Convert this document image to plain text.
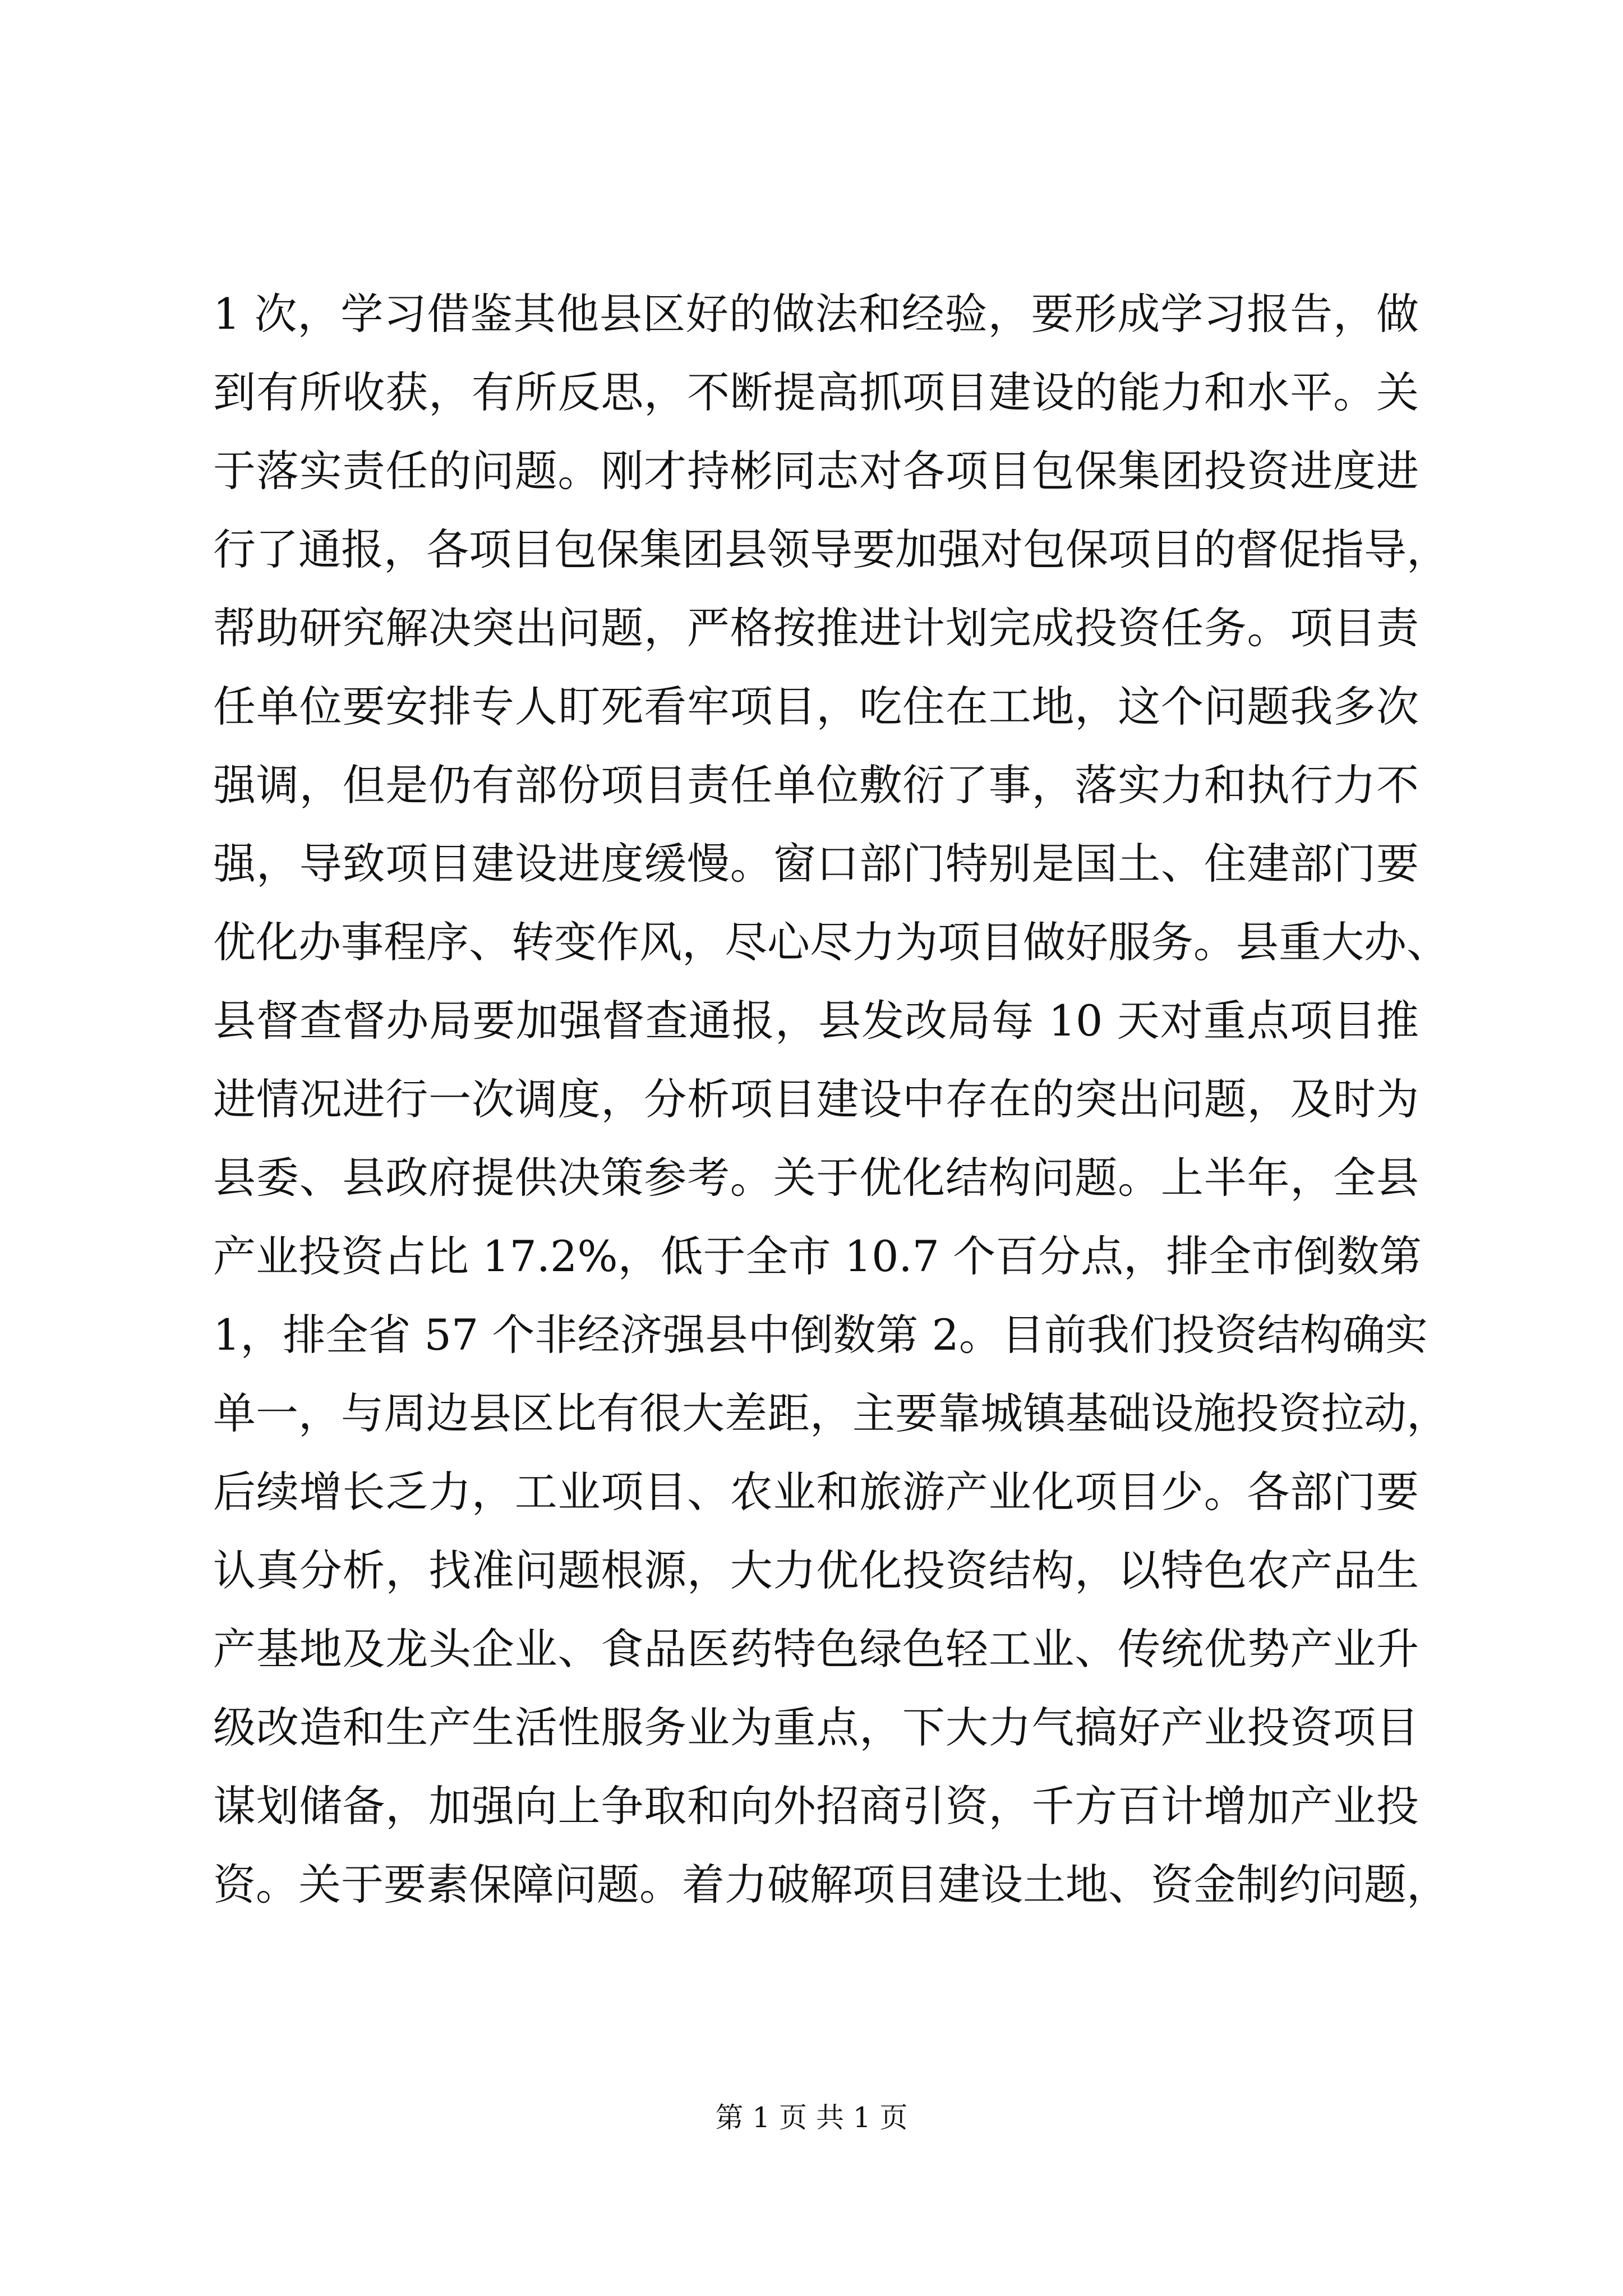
1 次，学习借鉴其他县区好的做法和经验，要形成学习报告，做
到有所收获，有所反思，不断提高抓项目建设的能力和水平。关
于落实责任的问题。刚才持彬同志对各项目包保集团投资进度进
行了通报，各项目包保集团县领导要加强对包保项目的督促指导，
帮助研究解决突出问题，严格按推进计划完成投资任务。项目责
任单位要安排专人盯死看牢项目，吃住在工地，这个问题我多次
强调，但是仍有部份项目责任单位敷衍了事，落实力和执行力不
强，导致项目建设进度缓慢。窗口部门特别是国土、住建部门要
优化办事程序、转变作风，尽心尽力为项目做好服务。县重大办、
县督查督办局要加强督查通报，县发改局每 10 天对重点项目推
进情况进行一次调度，分析项目建设中存在的突出问题，及时为
县委、县政府提供决策参考。关于优化结构问题。上半年，全县
产业投资占比 17.2%，低于全市 10.7 个百分点，排全市倒数第
1，排全省 57 个非经济强县中倒数第 2。目前我们投资结构确实
单一，与周边县区比有很大差距，主要靠城镇基础设施投资拉动，
后续增长乏力，工业项目、农业和旅游产业化项目少。各部门要
认真分析，找准问题根源，大力优化投资结构，以特色农产品生
产基地及龙头企业、食品医药特色绿色轻工业、传统优势产业升
级改造和生产生活性服务业为重点，下大力气搞好产业投资项目
谋划储备，加强向上争取和向外招商引资，千方百计增加产业投
资。关于要素保障问题。着力破解项目建设土地、资金制约问题，
第 1 页 共 1 页
